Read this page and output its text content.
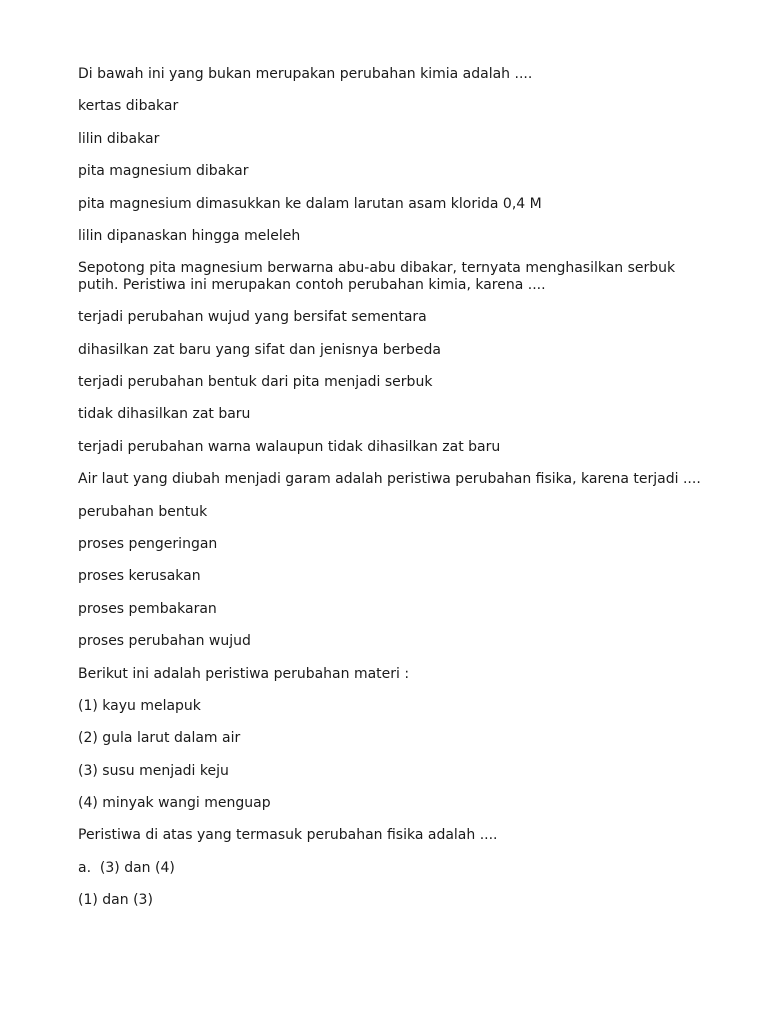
Di bawah ini yang bukan merupakan perubahan kimia adalah ....

kertas dibakar

lilin dibakar

pita magnesium dibakar

pita magnesium dimasukkan ke dalam larutan asam klorida 0,4 M

lilin dipanaskan hingga meleleh

Sepotong pita magnesium berwarna abu-abu dibakar, ternyata menghasilkan serbuk putih. Peristiwa ini merupakan contoh perubahan kimia, karena ....

terjadi perubahan wujud yang bersifat sementara

dihasilkan zat baru yang sifat dan jenisnya berbeda

terjadi perubahan bentuk dari pita menjadi serbuk

tidak dihasilkan zat baru

terjadi perubahan warna walaupun tidak dihasilkan zat baru

Air laut yang diubah menjadi garam adalah peristiwa perubahan fisika, karena terjadi ....

perubahan bentuk

proses pengeringan

proses kerusakan

proses pembakaran

proses perubahan wujud

Berikut ini adalah peristiwa perubahan materi :

(1) kayu melapuk

(2) gula larut dalam air

(3) susu menjadi keju

(4) minyak wangi menguap

Peristiwa di atas yang termasuk perubahan fisika adalah ....

a.  (3) dan (4)

(1) dan (3)
